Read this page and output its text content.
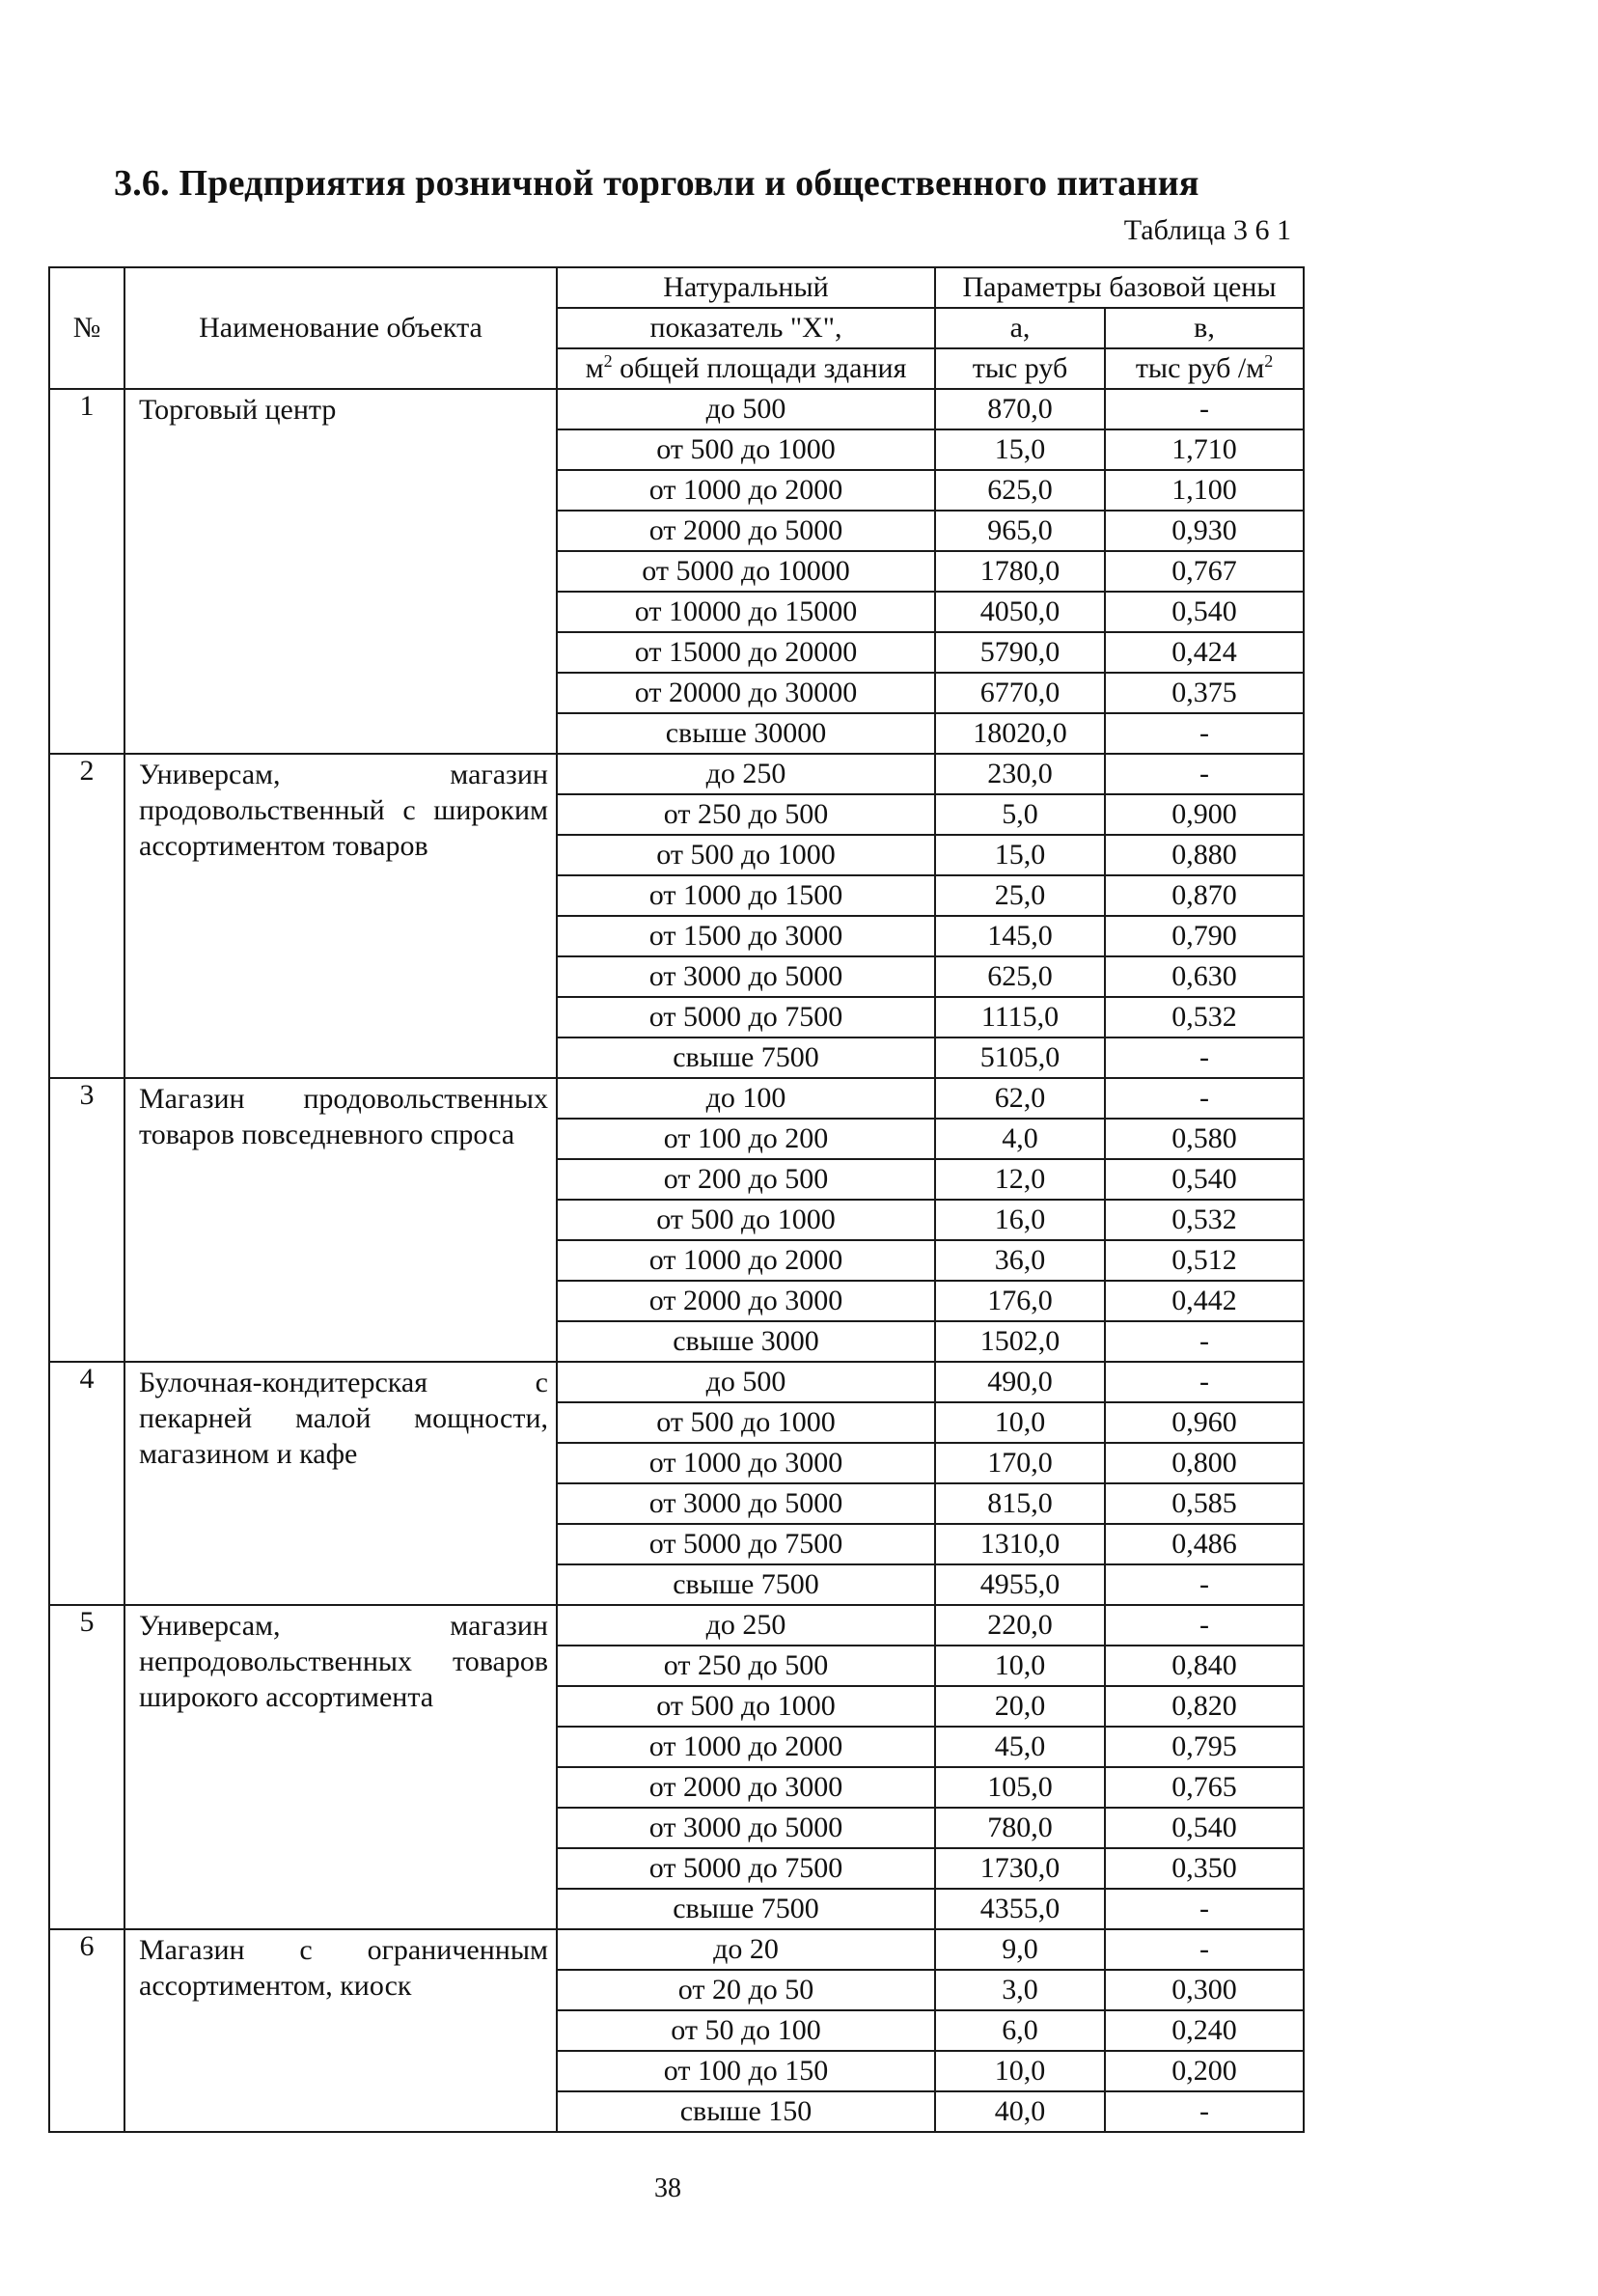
3.6. Предприятия розничной торговли и общественного питания
Таблица 3 6 1
№	Наименование объекта	Натуральный	Параметры базовой цены	
		показатель "X",	а,	в,
		$м^2$ общей площади здания	тыс руб	тыс руб $/м^2$
1	Торговый центр	до 500	870,0	-
		от 500 до 1000	15,0	1,710
		от 1000 до 2000	625,0	1,100
		от 2000 до 5000	965,0	0,930
		от 5000 до 10000	1780,0	0,767
		от 10000 до 15000	4050,0	0,540
		от 15000 до 20000	5790,0	0,424
		от 20000 до 30000	6770,0	0,375
		свыше 30000	18020,0	-
2	Универсам, магазин продовольственный с широким ассортиментом товаров	до 250	230,0	-
		от 250 до 500	5,0	0,900
		от 500 до 1000	15,0	0,880
		от 1000 до 1500	25,0	0,870
		от 1500 до 3000	145,0	0,790
		от 3000 до 5000	625,0	0,630
		от 5000 до 7500	1115,0	0,532
		свыше 7500	5105,0	-
3	Магазин продовольственных товаров повседневного спроса	до 100	62,0	-
		от 100 до 200	4,0	0,580
		от 200 до 500	12,0	0,540
		от 500 до 1000	16,0	0,532
		от 1000 до 2000	36,0	0,512
		от 2000 до 3000	176,0	0,442
		свыше 3000	1502,0	-
4	Булочная-кондитерская с пекарней малой мощности, магазином и кафе	до 500	490,0	-
		от 500 до 1000	10,0	0,960
		от 1000 до 3000	170,0	0,800
		от 3000 до 5000	815,0	0,585
		от 5000 до 7500	1310,0	0,486
		свыше 7500	4955,0	-
5	Универсам, магазин непродовольственных товаров широкого ассортимента	до 250	220,0	-
		от 250 до 500	10,0	0,840
		от 500 до 1000	20,0	0,820
		от 1000 до 2000	45,0	0,795
		от 2000 до 3000	105,0	0,765
		от 3000 до 5000	780,0	0,540
		от 5000 до 7500	1730,0	0,350
		свыше 7500	4355,0	-
6	Магазин с ограниченным ассортиментом, киоск	до 20	9,0	-
		от 20 до 50	3,0	0,300
		от 50 до 100	6,0	0,240
		от 100 до 150	10,0	0,200
		свыше 150	40,0	-
38
